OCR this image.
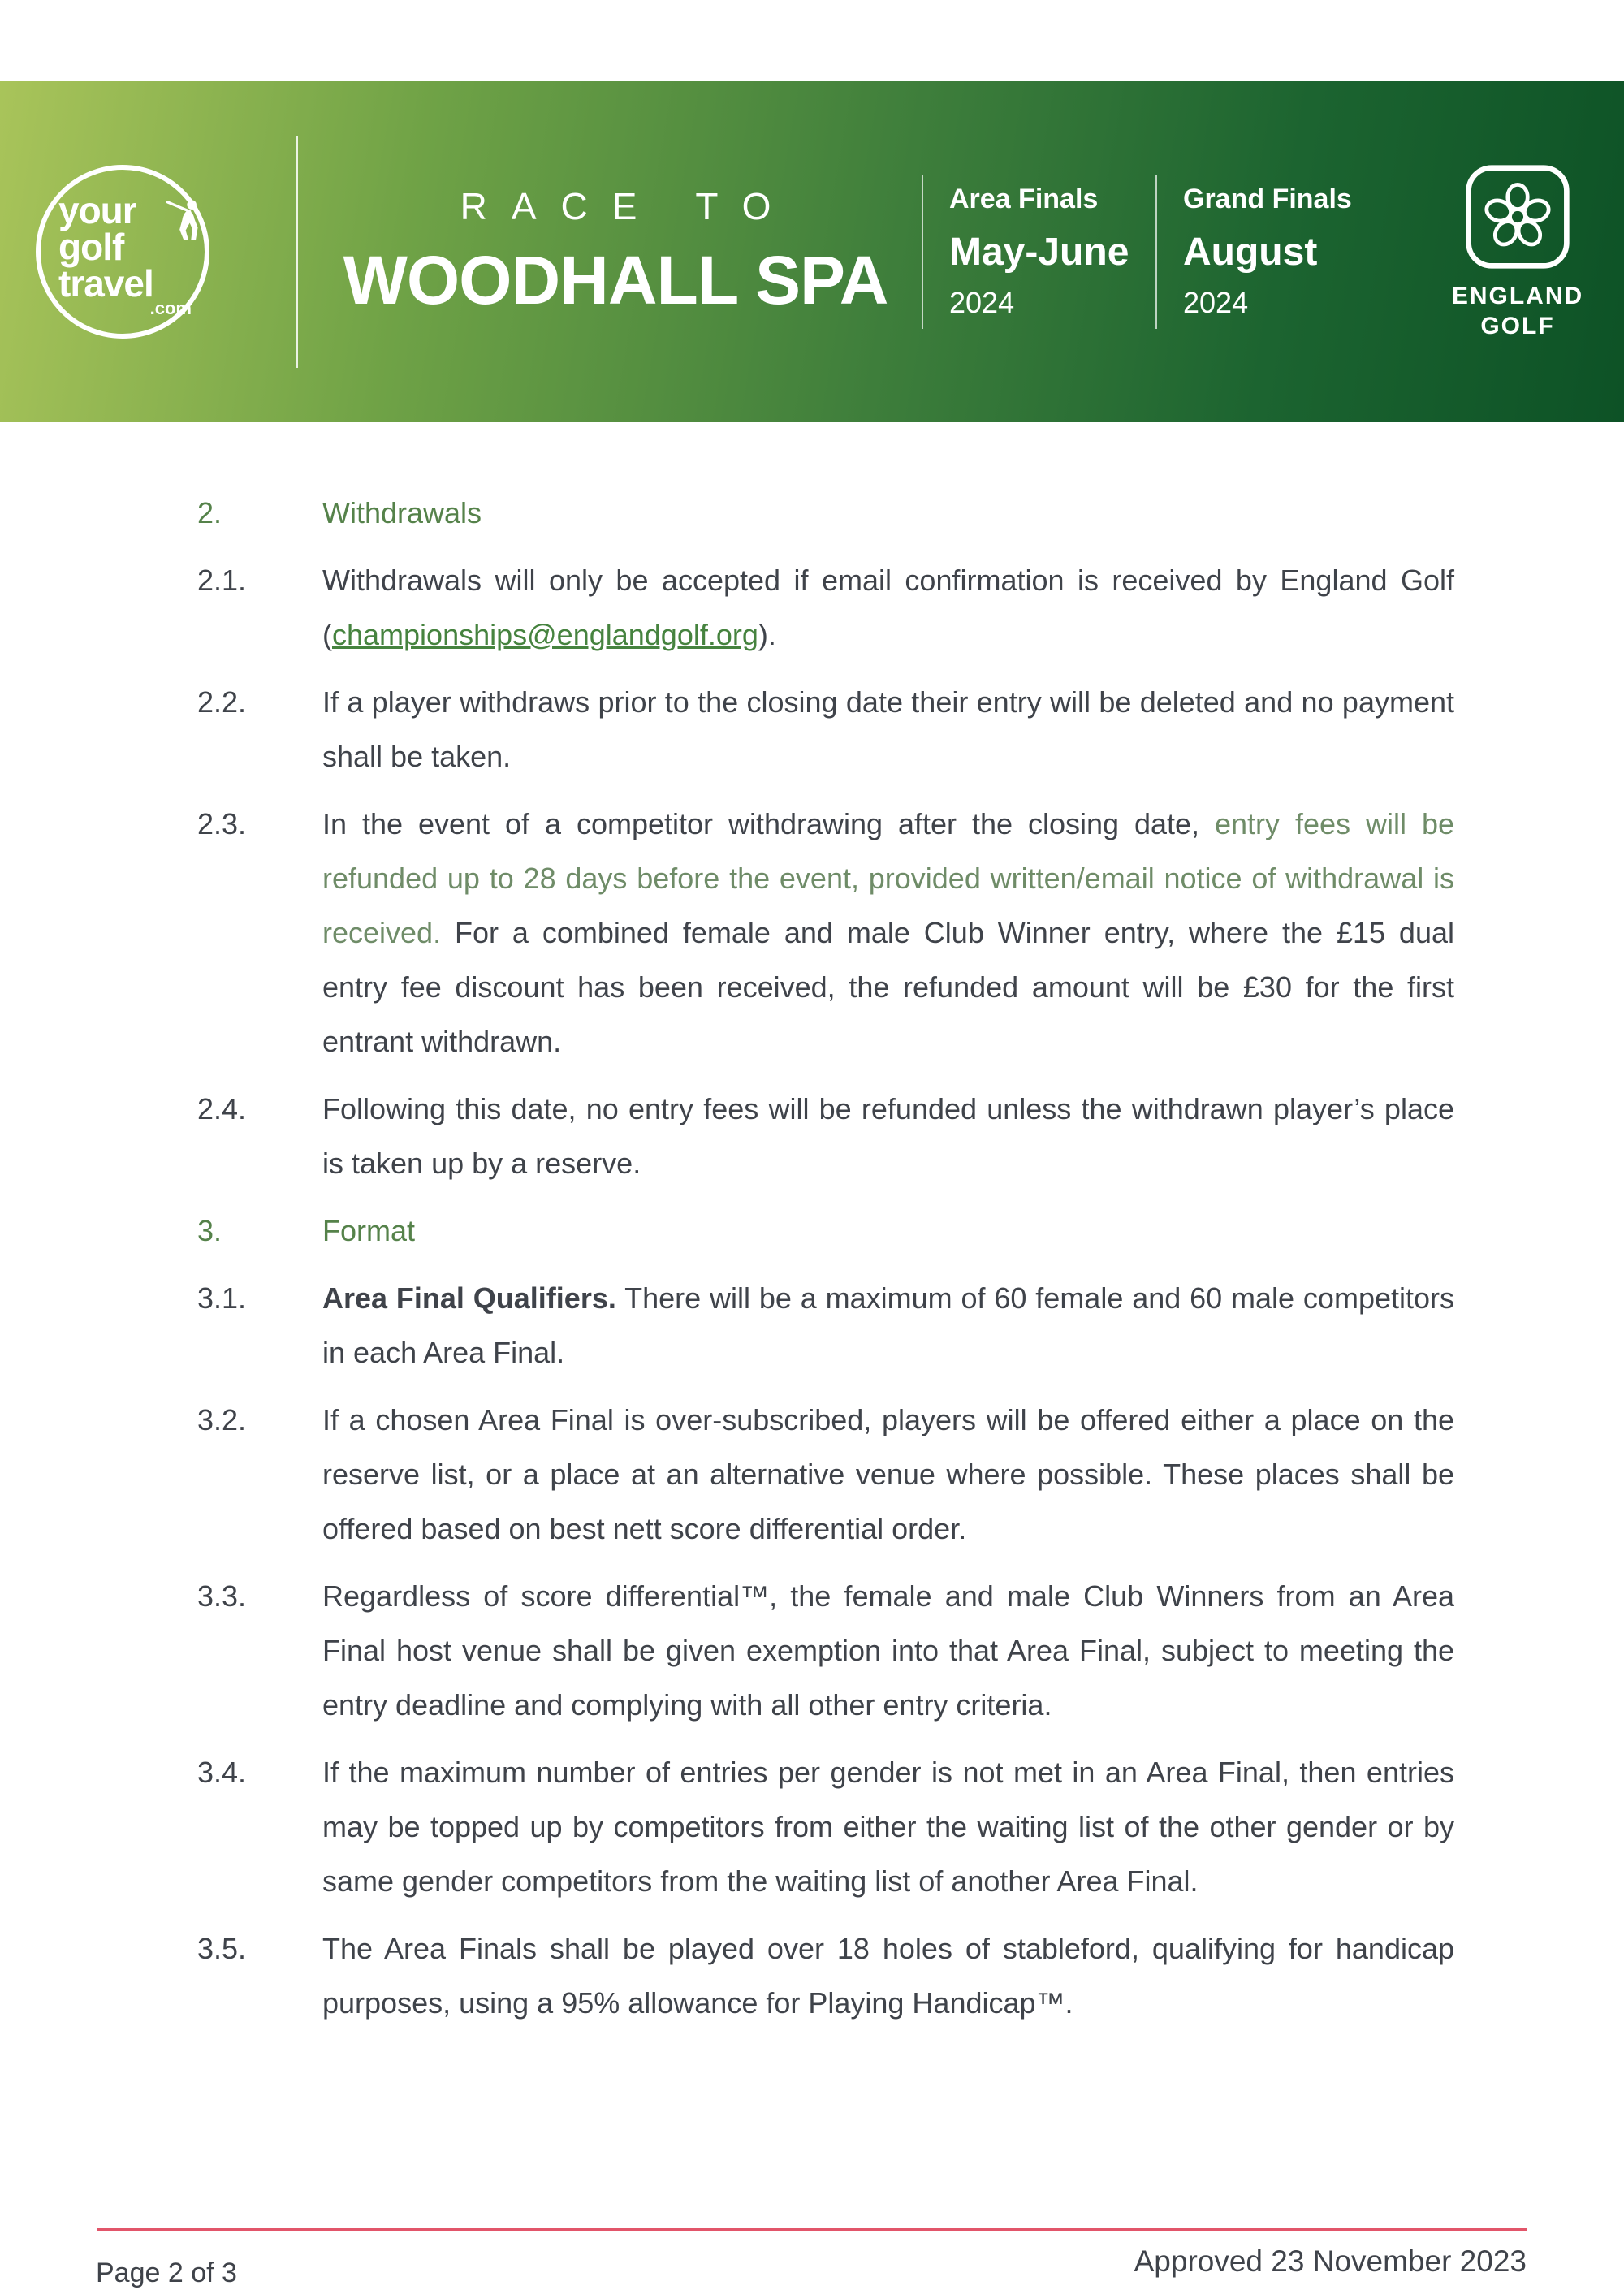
your
golf
travel
.com
RACE TO
WOODHALL SPA
Area Finals
May-June
2024
Grand Finals
August
2024	ENGLAND
GOLF
2.	Withdrawals
2.1.	Withdrawals will only be accepted if email confirmation is received by England Golf (championships@englandgolf.org).
2.2.	If a player withdraws prior to the closing date their entry will be deleted and no payment shall be taken.
2.3.	In the event of a competitor withdrawing after the closing date, entry fees will be refunded up to 28 days before the event, provided written/email notice of withdrawal is received. For a combined female and male Club Winner entry, where the £15 dual entry fee discount has been received, the refunded amount will be £30 for the first entrant withdrawn.
2.4.	Following this date, no entry fees will be refunded unless the withdrawn player’s place is taken up by a reserve.
3.	Format
3.1.	Area Final Qualifiers. There will be a maximum of 60 female and 60 male competitors in each Area Final.
3.2.	If a chosen Area Final is over-subscribed, players will be offered either a place on the reserve list, or a place at an alternative venue where possible. These places shall be offered based on best nett score differential order.
3.3.	Regardless of score differential™, the female and male Club Winners from an Area Final host venue shall be given exemption into that Area Final, subject to meeting the entry deadline and complying with all other entry criteria.
3.4.	If the maximum number of entries per gender is not met in an Area Final, then entries may be topped up by competitors from either the waiting list of the other gender or by same gender competitors from the waiting list of another Area Final.
3.5.	The Area Finals shall be played over 18 holes of stableford, qualifying for handicap purposes, using a 95% allowance for Playing Handicap™.
Approved 23 November 2023
Page 2 of 3
